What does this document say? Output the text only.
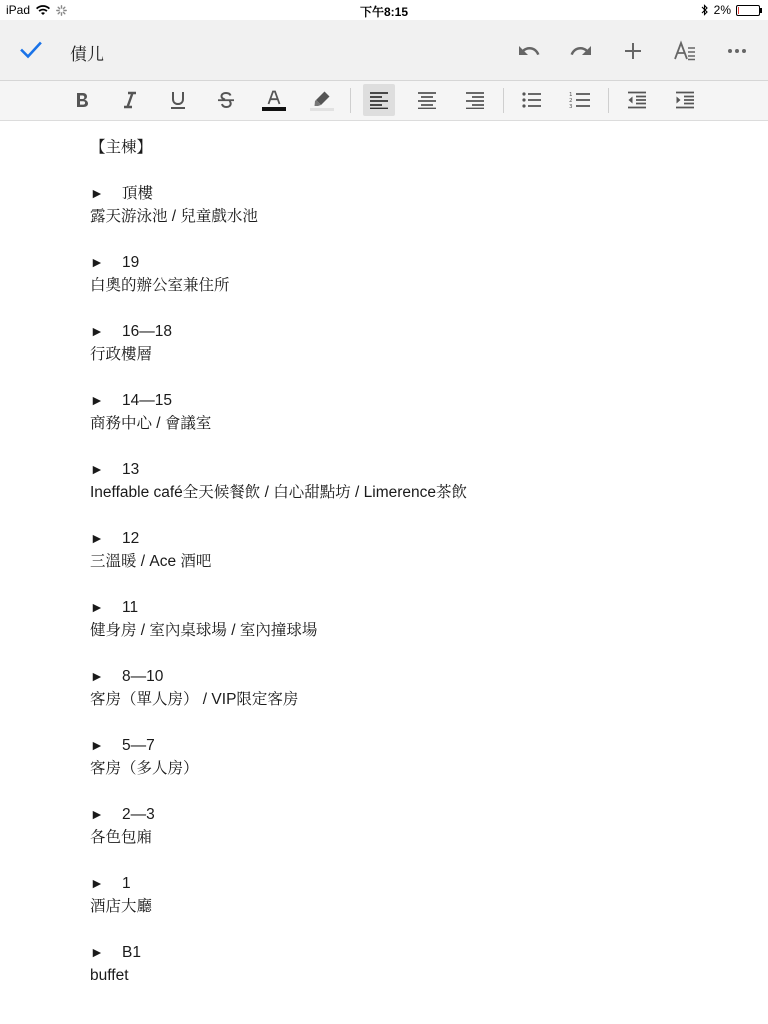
iPad	下午8:15	2%
債儿
1
2
3
【主棟】
► 頂樓
露天游泳池 / 兒童戲水池
► 19
白奧的辦公室兼住所
► 16—18
行政樓層
► 14—15
商務中心 / 會議室
► 13
Ineffable café全天候餐飲 / 白心甜點坊 / Limerence茶飲
► 12
三溫暖 / Ace 酒吧
► 11
健身房 / 室內桌球場 / 室內撞球場
► 8—10
客房（單人房） / VIP限定客房
► 5—7
客房（多人房）
► 2—3
各色包廂
► 1
酒店大廳
► B1
buffet
